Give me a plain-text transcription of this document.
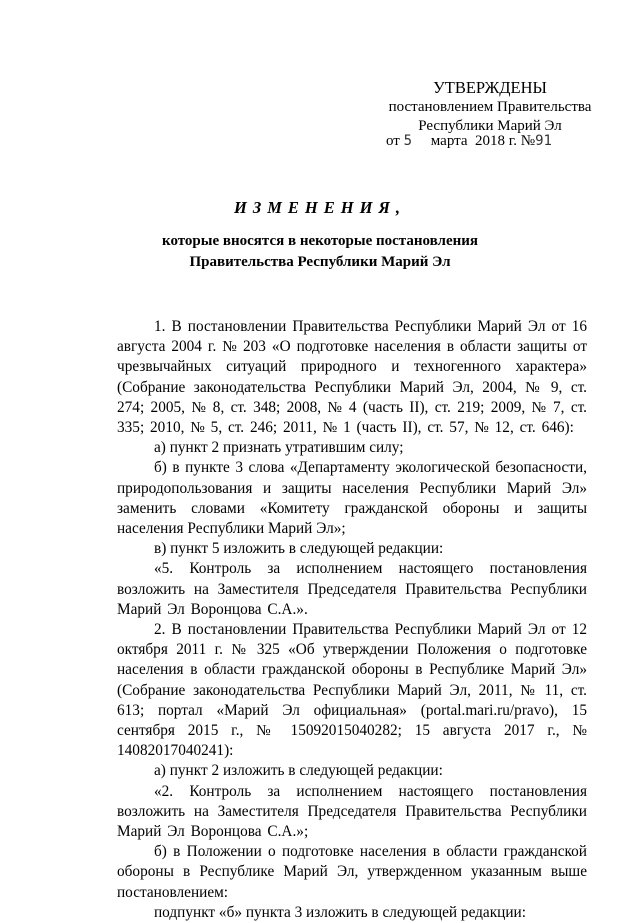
УТВЕРЖДЕНЫ
постановлением Правительства
Республики Марий Эл
от 5 марта  2018 г. №91
ИЗМЕНЕНИЯ,
которые вносятся в некоторые постановления
Правительства Республики Марий Эл

1. В постановлении Правительства Республики Марий Эл от 16 августа 2004 г. № 203 «О подготовке населения в области защиты от чрезвычайных ситуаций природного и техногенного характера» (Собрание законодательства Республики Марий Эл, 2004, № 9, ст. 274; 2005, № 8, ст. 348; 2008, № 4 (часть II), ст. 219; 2009, № 7, ст. 335; 2010, № 5, ст. 246; 2011, № 1 (часть II), ст. 57, № 12, ст. 646):

а) пункт 2 признать утратившим силу;

б) в пункте 3 слова «Департаменту экологической безопасности, природопользования и защиты населения Республики Марий Эл» заменить словами «Комитету гражданской обороны и защиты населения Республики Марий Эл»;

в) пункт 5 изложить в следующей редакции:

«5. Контроль за исполнением настоящего постановления возложить на Заместителя Председателя Правительства Республики Марий Эл Воронцова С.А.».

2. В постановлении Правительства Республики Марий Эл от 12 октября 2011 г. № 325 «Об утверждении Положения о подготовке населения в области гражданской обороны в Республике Марий Эл» (Собрание законодательства Республики Марий Эл, 2011, № 11, ст. 613; портал «Марий Эл официальная» (portal.mari.ru/pravo), 15 сентября 2015 г., № 15092015040282; 15 августа 2017 г., № 14082017040241):

а) пункт 2 изложить в следующей редакции:

«2. Контроль за исполнением настоящего постановления возложить на Заместителя Председателя Правительства Республики Марий Эл Воронцова С.А.»;

б) в Положении о подготовке населения в области гражданской обороны в Республике Марий Эл, утвержденном указанным выше постановлением:

подпункт «б» пункта 3 изложить в следующей редакции:
